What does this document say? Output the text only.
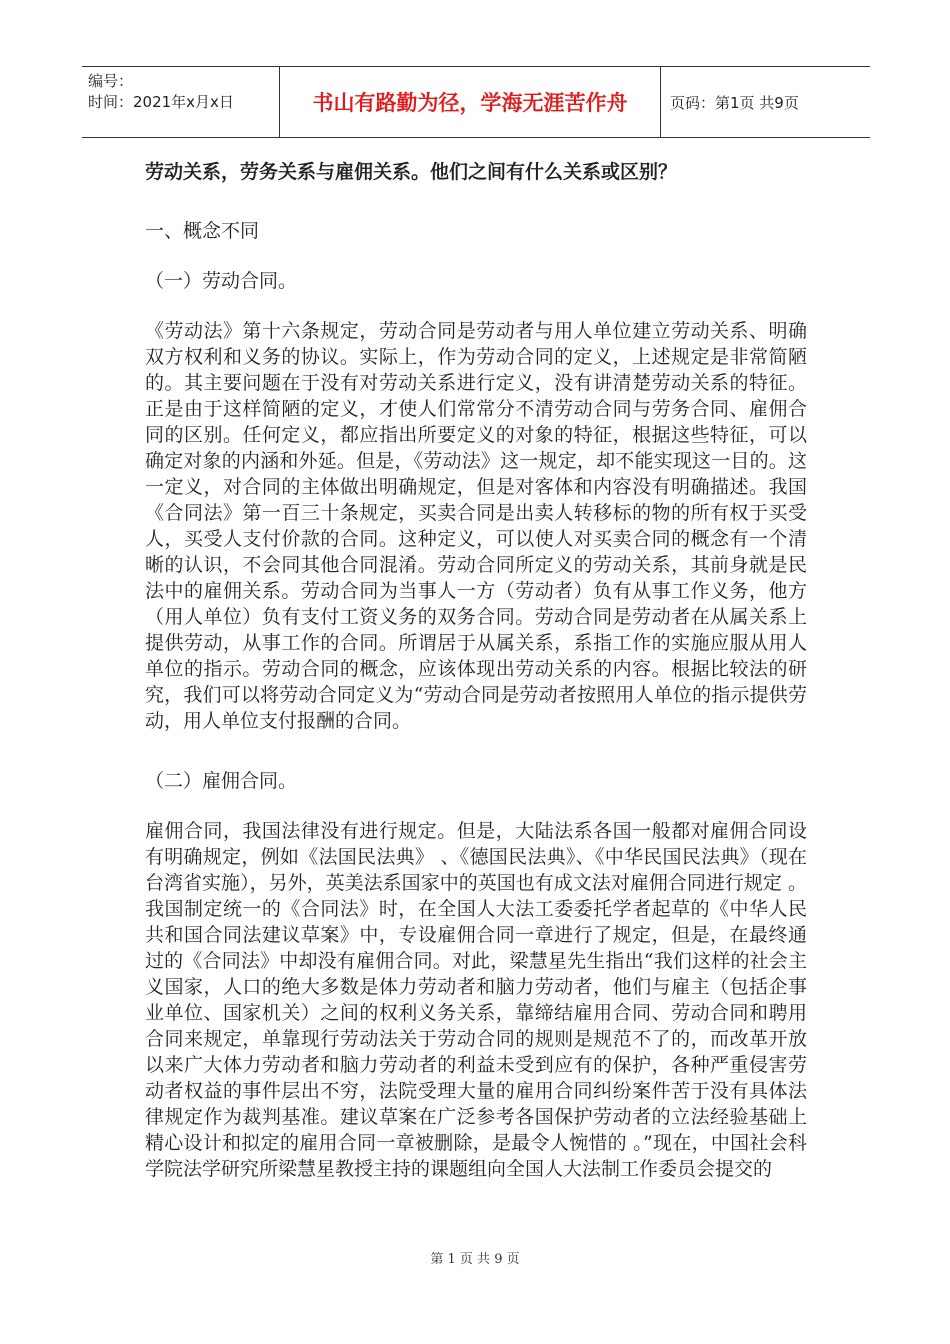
编号：
时间：2021年x月x日	书山有路勤为径，学海无涯苦作舟	页码：第1页 共9页
劳动关系，劳务关系与雇佣关系。他们之间有什么关系或区别？
一、概念不同
（一）劳动合同。
《劳动法》第十六条规定，劳动合同是劳动者与用人单位建立劳动关系、明确双方权利和义务的协议。实际上，作为劳动合同的定义，上述规定是非常简陋的。其主要问题在于没有对劳动关系进行定义，没有讲清楚劳动关系的特征。正是由于这样简陋的定义，才使人们常常分不清劳动合同与劳务合同、雇佣合同的区别。任何定义，都应指出所要定义的对象的特征，根据这些特征，可以确定对象的内涵和外延。但是，《劳动法》这一规定，却不能实现这一目的。这一定义，对合同的主体做出明确规定，但是对客体和内容没有明确描述。我国《合同法》第一百三十条规定，买卖合同是出卖人转移标的物的所有权于买受人，买受人支付价款的合同。这种定义，可以使人对买卖合同的概念有一个清晰的认识，不会同其他合同混淆。劳动合同所定义的劳动关系，其前身就是民法中的雇佣关系。劳动合同为当事人一方（劳动者）负有从事工作义务，他方（用人单位）负有支付工资义务的双务合同。劳动合同是劳动者在从属关系上提供劳动，从事工作的合同。所谓居于从属关系，系指工作的实施应服从用人单位的指示。劳动合同的概念，应该体现出劳动关系的内容。根据比较法的研究，我们可以将劳动合同定义为“劳动合同是劳动者按照用人单位的指示提供劳动，用人单位支付报酬的合同。
（二）雇佣合同。
雇佣合同，我国法律没有进行规定。但是，大陆法系各国一般都对雇佣合同设有明确规定，例如《法国民法典》 、《德国民法典》、《中华民国民法典》（现在台湾省实施），另外，英美法系国家中的英国也有成文法对雇佣合同进行规定 。我国制定统一的《合同法》时，在全国人大法工委委托学者起草的《中华人民共和国合同法建议草案》中，专设雇佣合同一章进行了规定，但是，在最终通过的《合同法》中却没有雇佣合同。对此，梁慧星先生指出“我们这样的社会主义国家，人口的绝大多数是体力劳动者和脑力劳动者，他们与雇主（包括企事业单位、国家机关）之间的权利义务关系，靠缔结雇用合同、劳动合同和聘用合同来规定，单靠现行劳动法关于劳动合同的规则是规范不了的，而改革开放以来广大体力劳动者和脑力劳动者的利益未受到应有的保护，各种严重侵害劳动者权益的事件层出不穷，法院受理大量的雇用合同纠纷案件苦于没有具体法律规定作为裁判基准。建议草案在广泛参考各国保护劳动者的立法经验基础上精心设计和拟定的雇用合同一章被删除，是最令人惋惜的 。”现在，中国社会科学院法学研究所梁慧星教授主持的课题组向全国人大法制工作委员会提交的
第 1 页 共 9 页
